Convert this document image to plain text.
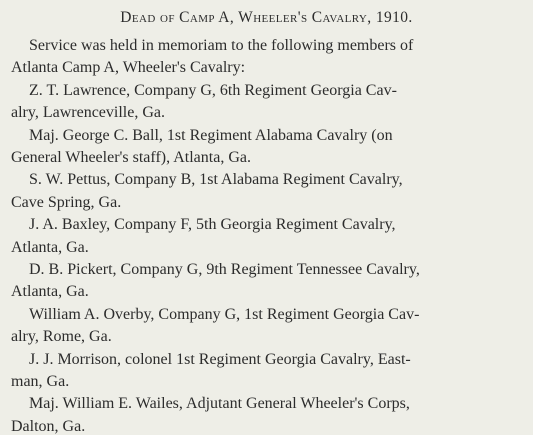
Dead of Camp A, Wheeler's Cavalry, 1910.
Service was held in memoriam to the following members of
Atlanta Camp A, Wheeler's Cavalry:
Z. T. Lawrence, Company G, 6th Regiment Georgia Cav-
alry, Lawrenceville, Ga.
Maj. George C. Ball, 1st Regiment Alabama Cavalry (on
General Wheeler's staff), Atlanta, Ga.
S. W. Pettus, Company B, 1st Alabama Regiment Cavalry,
Cave Spring, Ga.
J. A. Baxley, Company F, 5th Georgia Regiment Cavalry,
Atlanta, Ga.
D. B. Pickert, Company G, 9th Regiment Tennessee Cavalry,
Atlanta, Ga.
William A. Overby, Company G, 1st Regiment Georgia Cav-
alry, Rome, Ga.
J. J. Morrison, colonel 1st Regiment Georgia Cavalry, East-
man, Ga.
Maj. William E. Wailes, Adjutant General Wheeler's Corps,
Dalton, Ga.
